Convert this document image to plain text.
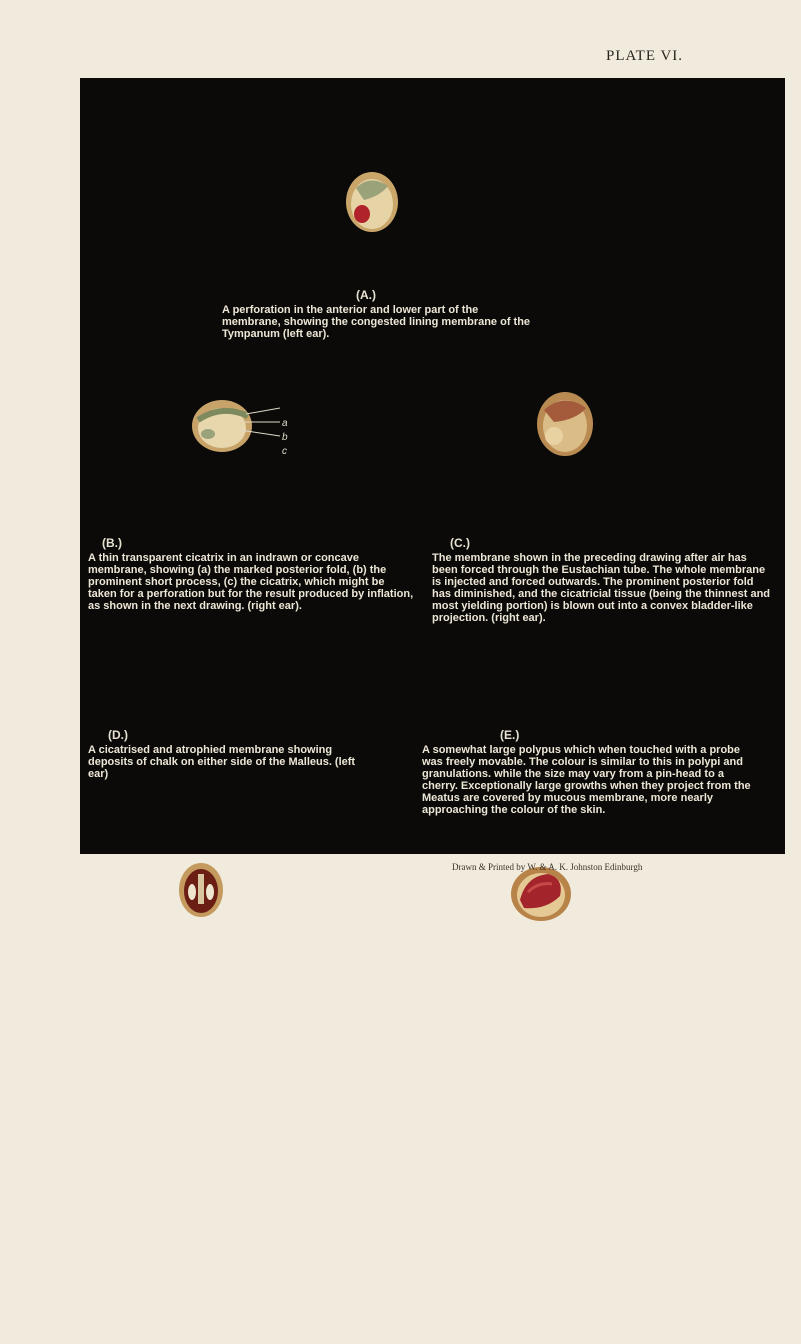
PLATE VI.
(A.)
A perforation in the anterior and lower part of the membrane, showing the congested lining membrane of the Tympanum (left ear).
a
b
c
(B.)
A thin transparent cicatrix in an indrawn or concave membrane, showing (a) the marked posterior fold, (b) the prominent short process, (c) the cicatrix, which might be taken for a perforation but for the result produced by inflation, as shown in the next drawing. (right ear).
(C.)
The membrane shown in the preceding drawing after air has been forced through the Eustachian tube. The whole membrane is injected and forced outwards. The prominent posterior fold has diminished, and the cicatricial tissue (being the thinnest and most yielding portion) is blown out into a convex bladder-like projection. (right ear).
(D.)
A cicatrised and atrophied membrane showing deposits of chalk on either side of the Malleus. (left ear)
(E.)
A somewhat large polypus which when touched with a probe was freely movable. The colour is similar to this in polypi and granulations. while the size may vary from a pin-head to a cherry. Exceptionally large growths when they project from the Meatus are covered by mucous membrane, more nearly approaching the colour of the skin.
Drawn & Printed by W. & A. K. Johnston Edinburgh
